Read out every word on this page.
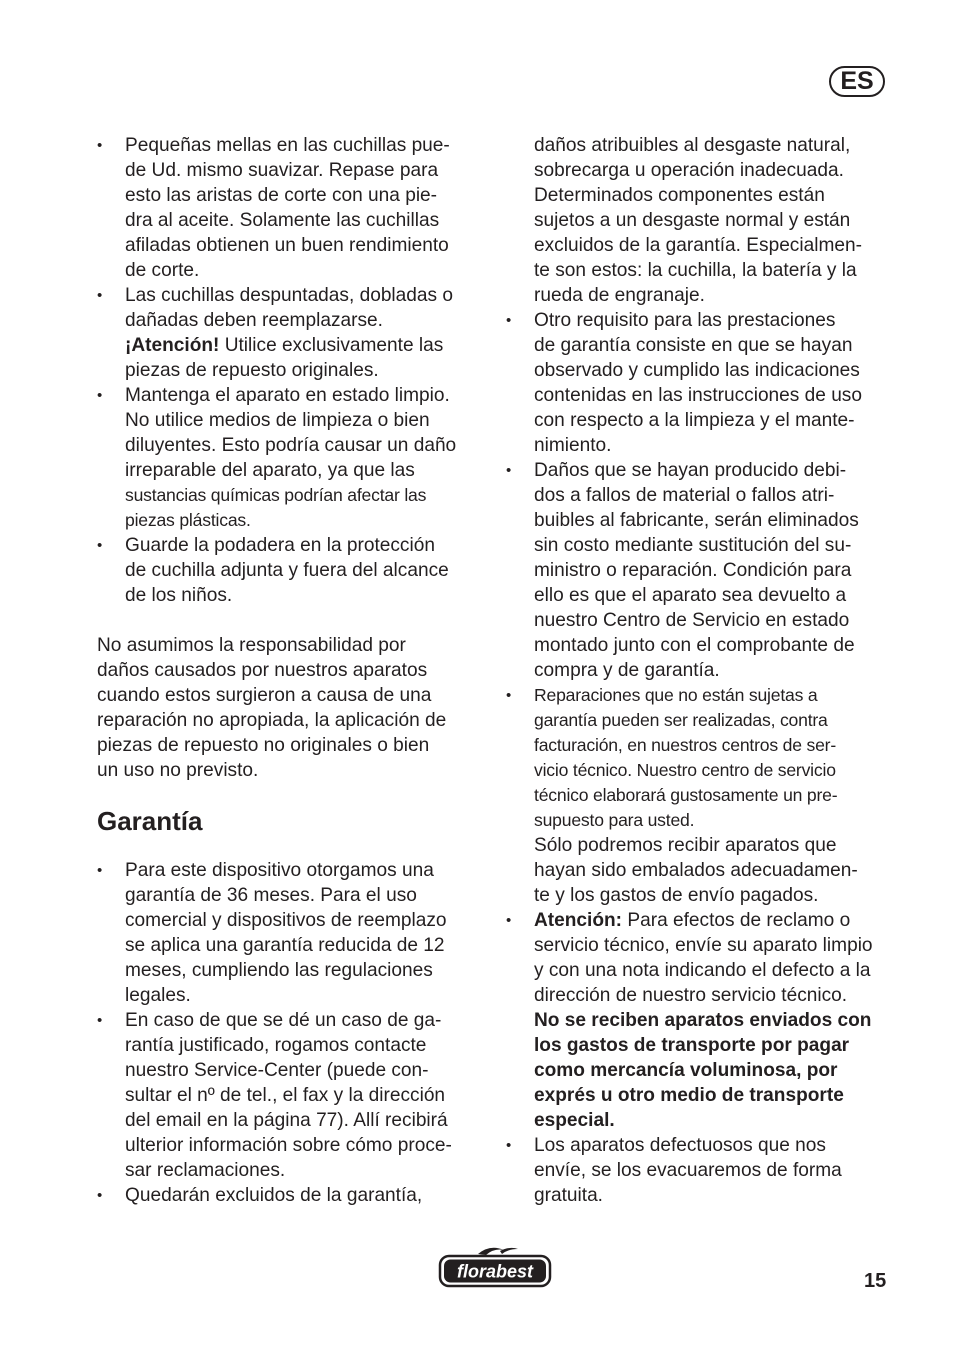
ES
• Pequeñas mellas en las cuchillas pue-
de Ud. mismo suavizar. Repase para
esto las aristas de corte con una pie-
dra al aceite. Solamente las cuchillas
afiladas obtienen un buen rendimiento
de corte.
• Las cuchillas despuntadas, dobladas o
dañadas deben reemplazarse.
¡Atención! Utilice exclusivamente las
piezas de repuesto originales.
• Mantenga el aparato en estado limpio.
No utilice medios de limpieza o bien
diluyentes. Esto podría causar un daño
irreparable del aparato, ya que las
sustancias químicas podrían afectar las
piezas plásticas.
• Guarde la podadera en la protección
de cuchilla adjunta y fuera del alcance
de los niños.
No asumimos la responsabilidad por
daños causados por nuestros aparatos
cuando estos surgieron a causa de una
reparación no apropiada, la aplicación de
piezas de repuesto no originales o bien
un uso no previsto.
Garantía
• Para este dispositivo otorgamos una
garantía de 36 meses. Para el uso
comercial y dispositivos de reemplazo
se aplica una garantía reducida de 12
meses, cumpliendo las regulaciones
legales.
• En caso de que se dé un caso de ga-
rantía justificado, rogamos contacte
nuestro Service-Center (puede con-
sultar el nº de tel., el fax y la dirección
del email en la página 77). Allí recibirá
ulterior información sobre cómo proce-
sar reclamaciones.
• Quedarán excluidos de la garantía,
daños atribuibles al desgaste natural,
sobrecarga u operación inadecuada.
Determinados componentes están
sujetos a un desgaste normal y están
excluidos de la garantía. Especialmen-
te son estos: la cuchilla, la batería y la
rueda de engranaje.
• Otro requisito para las prestaciones
de garantía consiste en que se hayan
observado y cumplido las indicaciones
contenidas en las instrucciones de uso
con respecto a la limpieza y el mante-
nimiento.
• Daños que se hayan producido debi-
dos a fallos de material o fallos atri-
buibles al fabricante, serán eliminados
sin costo mediante sustitución del su-
ministro o reparación. Condición para
ello es que el aparato sea devuelto a
nuestro Centro de Servicio en estado
montado junto con el comprobante de
compra y de garantía.
• Reparaciones que no están sujetas a
garantía pueden ser realizadas, contra
facturación, en nuestros centros de ser-
vicio técnico. Nuestro centro de servicio
técnico elaborará gustosamente un pre-
supuesto para usted.
Sólo podremos recibir aparatos que
hayan sido embalados adecuadamen-
te y los gastos de envío pagados.
• Atención: Para efectos de reclamo o
servicio técnico, envíe su aparato limpio
y con una nota indicando el defecto a la
dirección de nuestro servicio técnico.
No se reciben aparatos enviados con
los gastos de transporte por pagar
como mercancía voluminosa, por
exprés u otro medio de transporte
especial.
• Los aparatos defectuosos que nos
envíe, se los evacuaremos de forma
gratuita.
florabest	15
